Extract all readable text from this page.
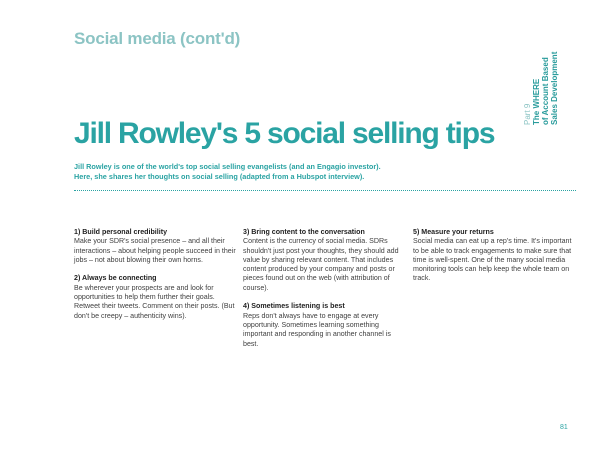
Social media (cont'd)
Part 9 The WHERE of Account Based Sales Development
Jill Rowley's 5 social selling tips
Jill Rowley is one of the world's top social selling evangelists (and an Engagio investor).
Here, she shares her thoughts on social selling (adapted from a Hubspot interview).
1) Build personal credibility
Make your SDR's social presence – and all their interactions – about helping people succeed in their jobs – not about blowing their own horns.
2) Always be connecting
Be wherever your prospects are and look for opportunities to help them further their goals. Retweet their tweets. Comment on their posts. (But don't be creepy – authenticity wins).
3) Bring content to the conversation
Content is the currency of social media. SDRs shouldn't just post your thoughts, they should add value by sharing relevant content. That includes content produced by your company and posts or pieces found out on the web (with attribution of course).
4) Sometimes listening is best
Reps don't always have to engage at every opportunity. Sometimes learning something important and responding in another channel is best.
5) Measure your returns
Social media can eat up a rep's time. It's important to be able to track engagements to make sure that time is well-spent. One of the many social media monitoring tools can help keep the whole team on track.
81
